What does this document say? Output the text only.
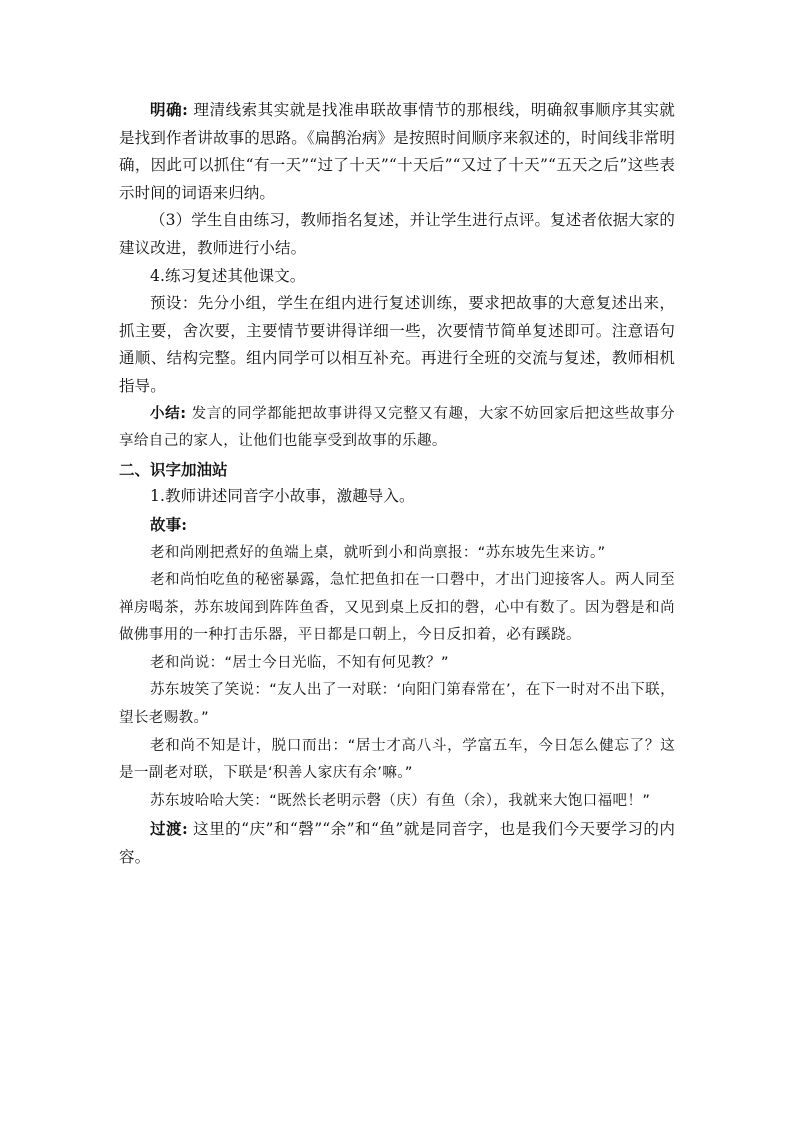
明确: 理清线索其实就是找准串联故事情节的那根线，明确叙事顺序其实就是找到作者讲故事的思路。《扁鹊治病》是按照时间顺序来叙述的，时间线非常明确，因此可以抓住“有一天”“过了十天”“十天后”“又过了十天”“五天之后”这些表示时间的词语来归纳。

（3）学生自由练习，教师指名复述，并让学生进行点评。复述者依据大家的建议改进，教师进行小结。

4.练习复述其他课文。

预设：先分小组，学生在组内进行复述训练，要求把故事的大意复述出来，抓主要，舍次要，主要情节要讲得详细一些，次要情节简单复述即可。注意语句通顺、结构完整。组内同学可以相互补充。再进行全班的交流与复述，教师相机指导。

小结: 发言的同学都能把故事讲得又完整又有趣，大家不妨回家后把这些故事分享给自己的家人，让他们也能享受到故事的乐趣。

二、识字加油站

1.教师讲述同音字小故事，激趣导入。

故事:

老和尚刚把煮好的鱼端上桌，就听到小和尚禀报：“苏东坡先生来访。”

老和尚怕吃鱼的秘密暴露，急忙把鱼扣在一口磬中，才出门迎接客人。两人同至禅房喝茶，苏东坡闻到阵阵鱼香，又见到桌上反扣的磬，心中有数了。因为磬是和尚做佛事用的一种打击乐器，平日都是口朝上，今日反扣着，必有蹊跷。

老和尚说：“居士今日光临，不知有何见教？”

苏东坡笑了笑说：“友人出了一对联：‘向阳门第春常在’，在下一时对不出下联，望长老赐教。”

老和尚不知是计，脱口而出：“居士才高八斗，学富五车，今日怎么健忘了？这是一副老对联，下联是‘积善人家庆有余’嘛。”

苏东坡哈哈大笑：“既然长老明示磬（庆）有鱼（余），我就来大饱口福吧！”

过渡: 这里的“庆”和“磬”“余”和“鱼”就是同音字，也是我们今天要学习的内容。
